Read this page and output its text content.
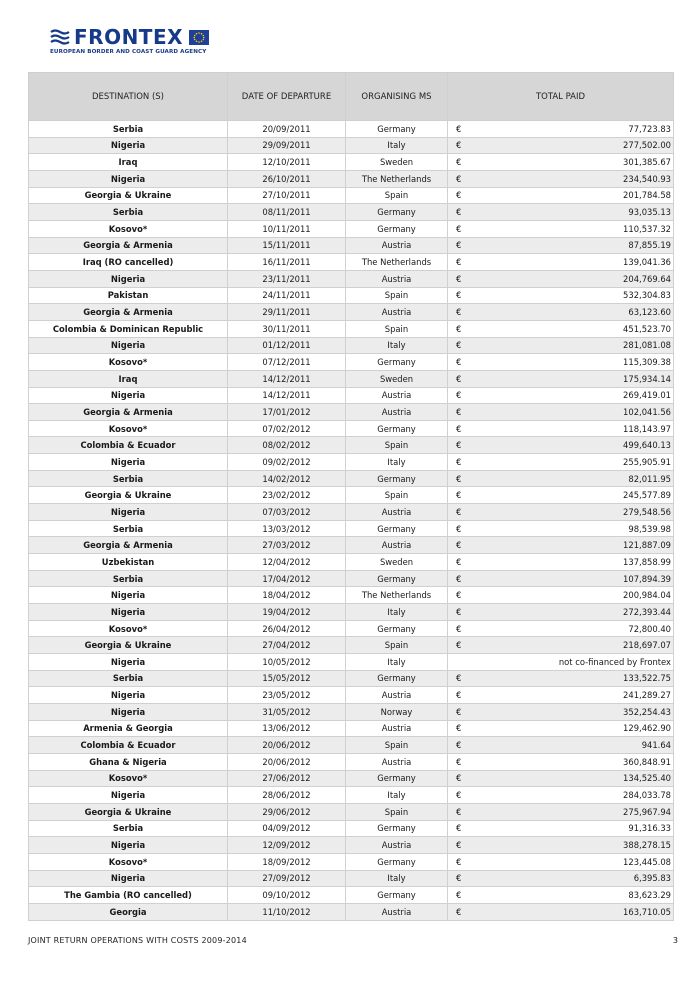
FRONTEX
EUROPEAN BORDER AND COAST GUARD AGENCY
DESTINATION (S)	DATE OF DEPARTURE	ORGANISING MS	TOTAL PAID	
Serbia	20/09/2011	Germany	€	77,723.83
Nigeria	29/09/2011	Italy	€	277,502.00
Iraq	12/10/2011	Sweden	€	301,385.67
Nigeria	26/10/2011	The Netherlands	€	234,540.93
Georgia & Ukraine	27/10/2011	Spain	€	201,784.58
Serbia	08/11/2011	Germany	€	93,035.13
Kosovo*	10/11/2011	Germany	€	110,537.32
Georgia & Armenia	15/11/2011	Austria	€	87,855.19
Iraq (RO cancelled)	16/11/2011	The Netherlands	€	139,041.36
Nigeria	23/11/2011	Austria	€	204,769.64
Pakistan	24/11/2011	Spain	€	532,304.83
Georgia & Armenia	29/11/2011	Austria	€	63,123.60
Colombia & Dominican Republic	30/11/2011	Spain	€	451,523.70
Nigeria	01/12/2011	Italy	€	281,081.08
Kosovo*	07/12/2011	Germany	€	115,309.38
Iraq	14/12/2011	Sweden	€	175,934.14
Nigeria	14/12/2011	Austria	€	269,419.01
Georgia & Armenia	17/01/2012	Austria	€	102,041.56
Kosovo*	07/02/2012	Germany	€	118,143.97
Colombia & Ecuador	08/02/2012	Spain	€	499,640.13
Nigeria	09/02/2012	Italy	€	255,905.91
Serbia	14/02/2012	Germany	€	82,011.95
Georgia & Ukraine	23/02/2012	Spain	€	245,577.89
Nigeria	07/03/2012	Austria	€	279,548.56
Serbia	13/03/2012	Germany	€	98,539.98
Georgia & Armenia	27/03/2012	Austria	€	121,887.09
Uzbekistan	12/04/2012	Sweden	€	137,858.99
Serbia	17/04/2012	Germany	€	107,894.39
Nigeria	18/04/2012	The Netherlands	€	200,984.04
Nigeria	19/04/2012	Italy	€	272,393.44
Kosovo*	26/04/2012	Germany	€	72,800.40
Georgia & Ukraine	27/04/2012	Spain	€	218,697.07
Nigeria	10/05/2012	Italy	not co-financed by Frontex	
Serbia	15/05/2012	Germany	€	133,522.75
Nigeria	23/05/2012	Austria	€	241,289.27
Nigeria	31/05/2012	Norway	€	352,254.43
Armenia & Georgia	13/06/2012	Austria	€	129,462.90
Colombia & Ecuador	20/06/2012	Spain	€	941.64
Ghana & Nigeria	20/06/2012	Austria	€	360,848.91
Kosovo*	27/06/2012	Germany	€	134,525.40
Nigeria	28/06/2012	Italy	€	284,033.78
Georgia & Ukraine	29/06/2012	Spain	€	275,967.94
Serbia	04/09/2012	Germany	€	91,316.33
Nigeria	12/09/2012	Austria	€	388,278.15
Kosovo*	18/09/2012	Germany	€	123,445.08
Nigeria	27/09/2012	Italy	€	6,395.83
The Gambia (RO cancelled)	09/10/2012	Germany	€	83,623.29
Georgia	11/10/2012	Austria	€	163,710.05
JOINT RETURN OPERATIONS WITH COSTS 2009-2014	3
